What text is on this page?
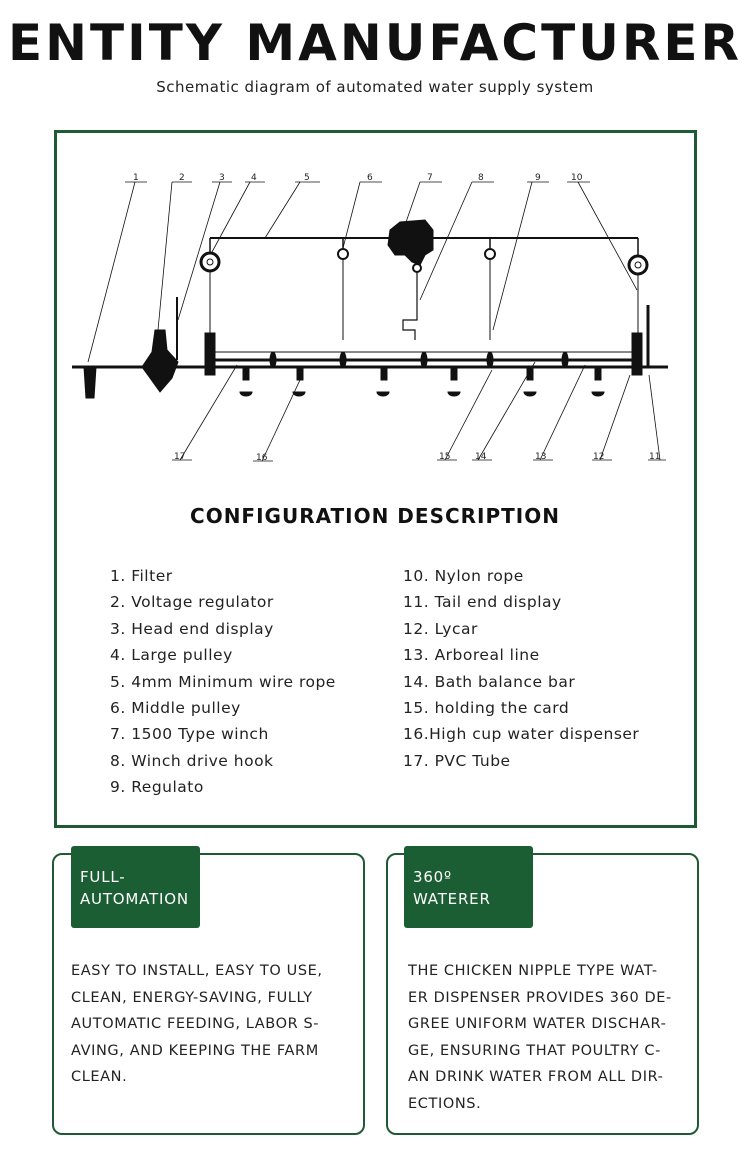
ENTITY MANUFACTURER
Schematic diagram of automated water supply system
1	2	3	4	5	6	7	8	9	10
11
12
13
14
15
16
17
CONFIGURATION DESCRIPTION
1. Filter
2. Voltage regulator
3. Head end display
4. Large pulley
5. 4mm Minimum wire rope
6. Middle pulley
7. 1500 Type winch
8. Winch drive hook
9. Regulato
10. Nylon rope
11. Tail end display
12. Lycar
13. Arboreal line
14. Bath balance bar
15. holding the card
16.High cup water dispenser
17. PVC Tube
FULL-
AUTOMATION
EASY TO INSTALL, EASY TO USE,
CLEAN, ENERGY-SAVING, FULLY
AUTOMATIC FEEDING, LABOR S-
AVING, AND KEEPING THE FARM
CLEAN.
360º
WATERER
THE CHICKEN NIPPLE TYPE WAT-
ER DISPENSER PROVIDES 360 DE-
GREE UNIFORM WATER DISCHAR-
GE, ENSURING THAT POULTRY C-
AN DRINK WATER FROM ALL DIR-
ECTIONS.
